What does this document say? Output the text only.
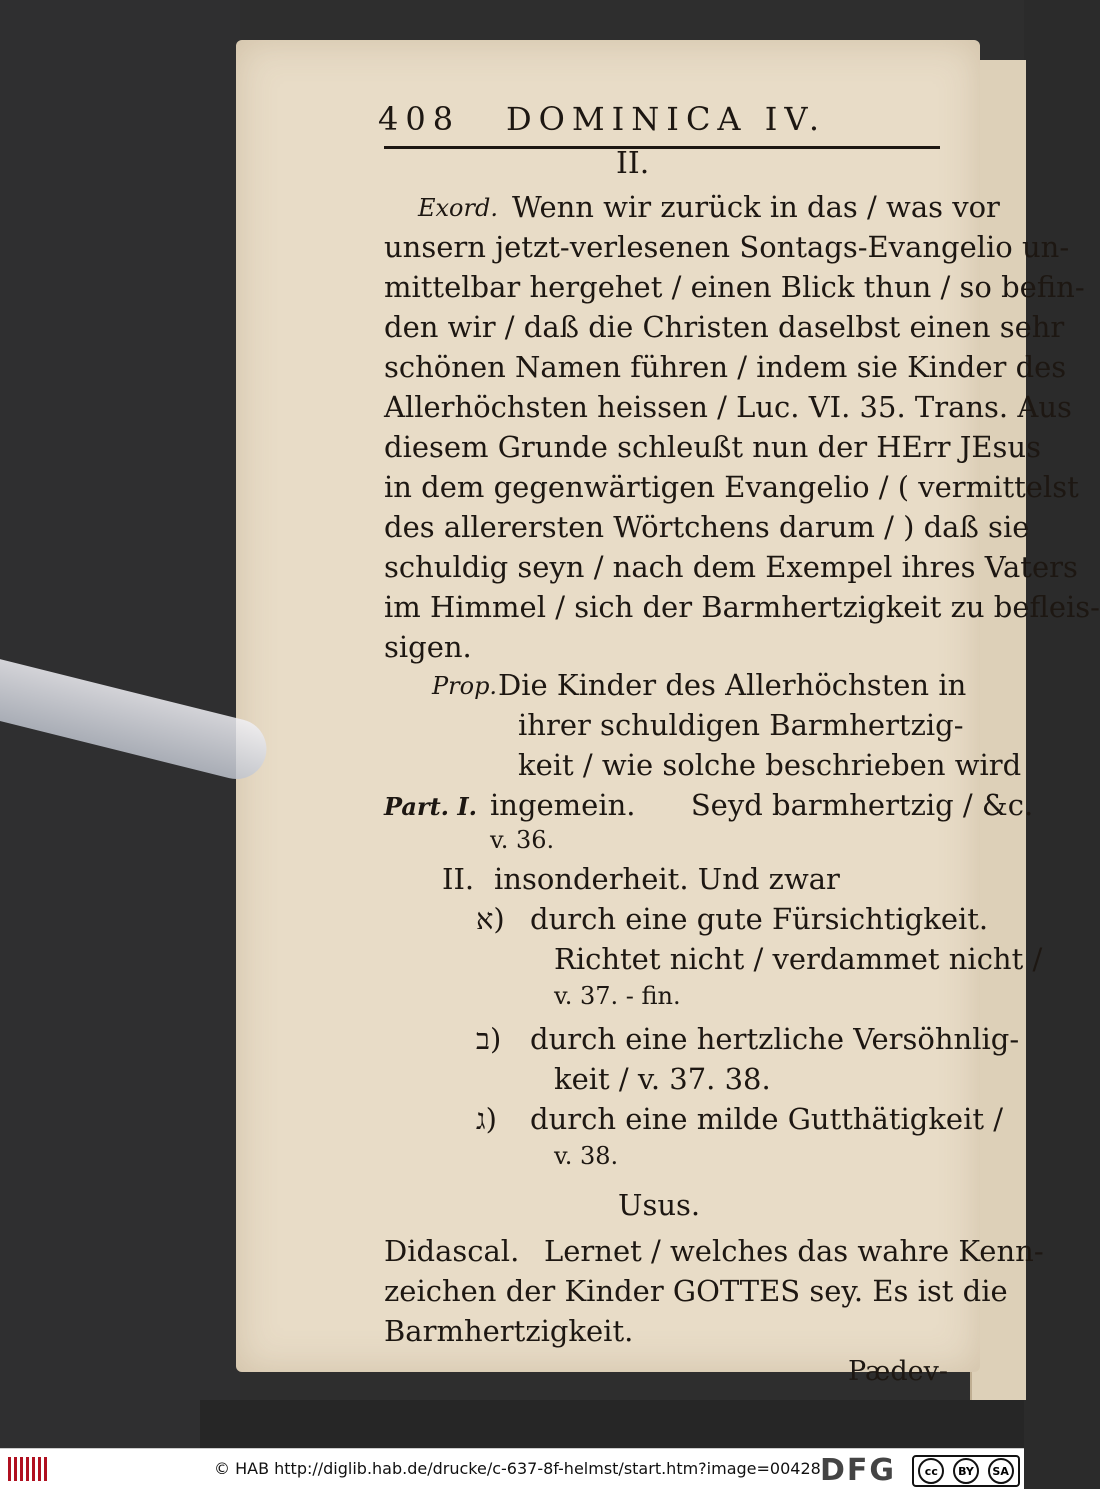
408 DOMINICA IV.
II.
Exord. Wenn wir zurück in das / was vor
unsern jetzt-verlesenen Sontags-Evangelio un-
mittelbar hergehet / einen Blick thun / so befin-
den wir / daß die Christen daselbst einen sehr
schönen Namen führen / indem sie Kinder des
Allerhöchsten heissen / Luc. VI. 35. Trans. Aus
diesem Grunde schleußt nun der HErr JEsus
in dem gegenwärtigen Evangelio / ( vermittelst
des allerersten Wörtchens darum / ) daß sie
schuldig seyn / nach dem Exempel ihres Vaters
im Himmel / sich der Barmhertzigkeit zu befleis-
sigen.
Prop. Die Kinder des Allerhöchsten in
ihrer schuldigen Barmhertzig-
keit / wie solche beschrieben wird
Part. I. ingemein.      Seyd barmhertzig / &c.
v. 36.
II. insonderheit. Und zwar
א) durch eine gute Fürsichtigkeit.
Richtet nicht / verdammet nicht /
v. 37. - fin.
ב) durch eine hertzliche Versöhnlig-
keit / v. 37. 38.
ג) durch eine milde Gutthätigkeit /
v. 38.
Usus.
Didascal. Lernet / welches das wahre Kenn-
zeichen der Kinder GOTTES sey. Es ist die
Barmhertzigkeit.
Pædev-
© HAB http://diglib.hab.de/drucke/c-637-8f-helmst/start.htm?image=00428 DFG	cc	BY	SA
